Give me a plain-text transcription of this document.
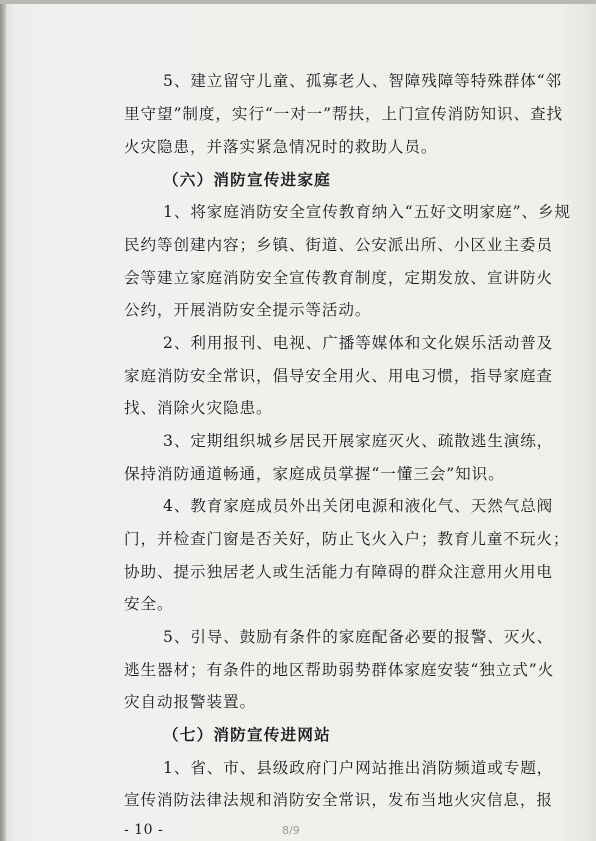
5、建立留守儿童、孤寡老人、智障残障等特殊群体“邻
里守望”制度，实行“一对一”帮扶，上门宣传消防知识、查找
火灾隐患，并落实紧急情况时的救助人员。
（六）消防宣传进家庭
1、将家庭消防安全宣传教育纳入“五好文明家庭”、乡规
民约等创建内容；乡镇、街道、公安派出所、小区业主委员
会等建立家庭消防安全宣传教育制度，定期发放、宣讲防火
公约，开展消防安全提示等活动。
2、利用报刊、电视、广播等媒体和文化娱乐活动普及
家庭消防安全常识，倡导安全用火、用电习惯，指导家庭查
找、消除火灾隐患。
3、定期组织城乡居民开展家庭灭火、疏散逃生演练，
保持消防通道畅通，家庭成员掌握“一懂三会”知识。
4、教育家庭成员外出关闭电源和液化气、天然气总阀
门，并检查门窗是否关好，防止飞火入户；教育儿童不玩火；
协助、提示独居老人或生活能力有障碍的群众注意用火用电
安全。
5、引导、鼓励有条件的家庭配备必要的报警、灭火、
逃生器材；有条件的地区帮助弱势群体家庭安装“独立式”火
灾自动报警装置。
（七）消防宣传进网站
1、省、市、县级政府门户网站推出消防频道或专题，
宣传消防法律法规和消防安全常识，发布当地火灾信息，报
- 10 -	8/9
